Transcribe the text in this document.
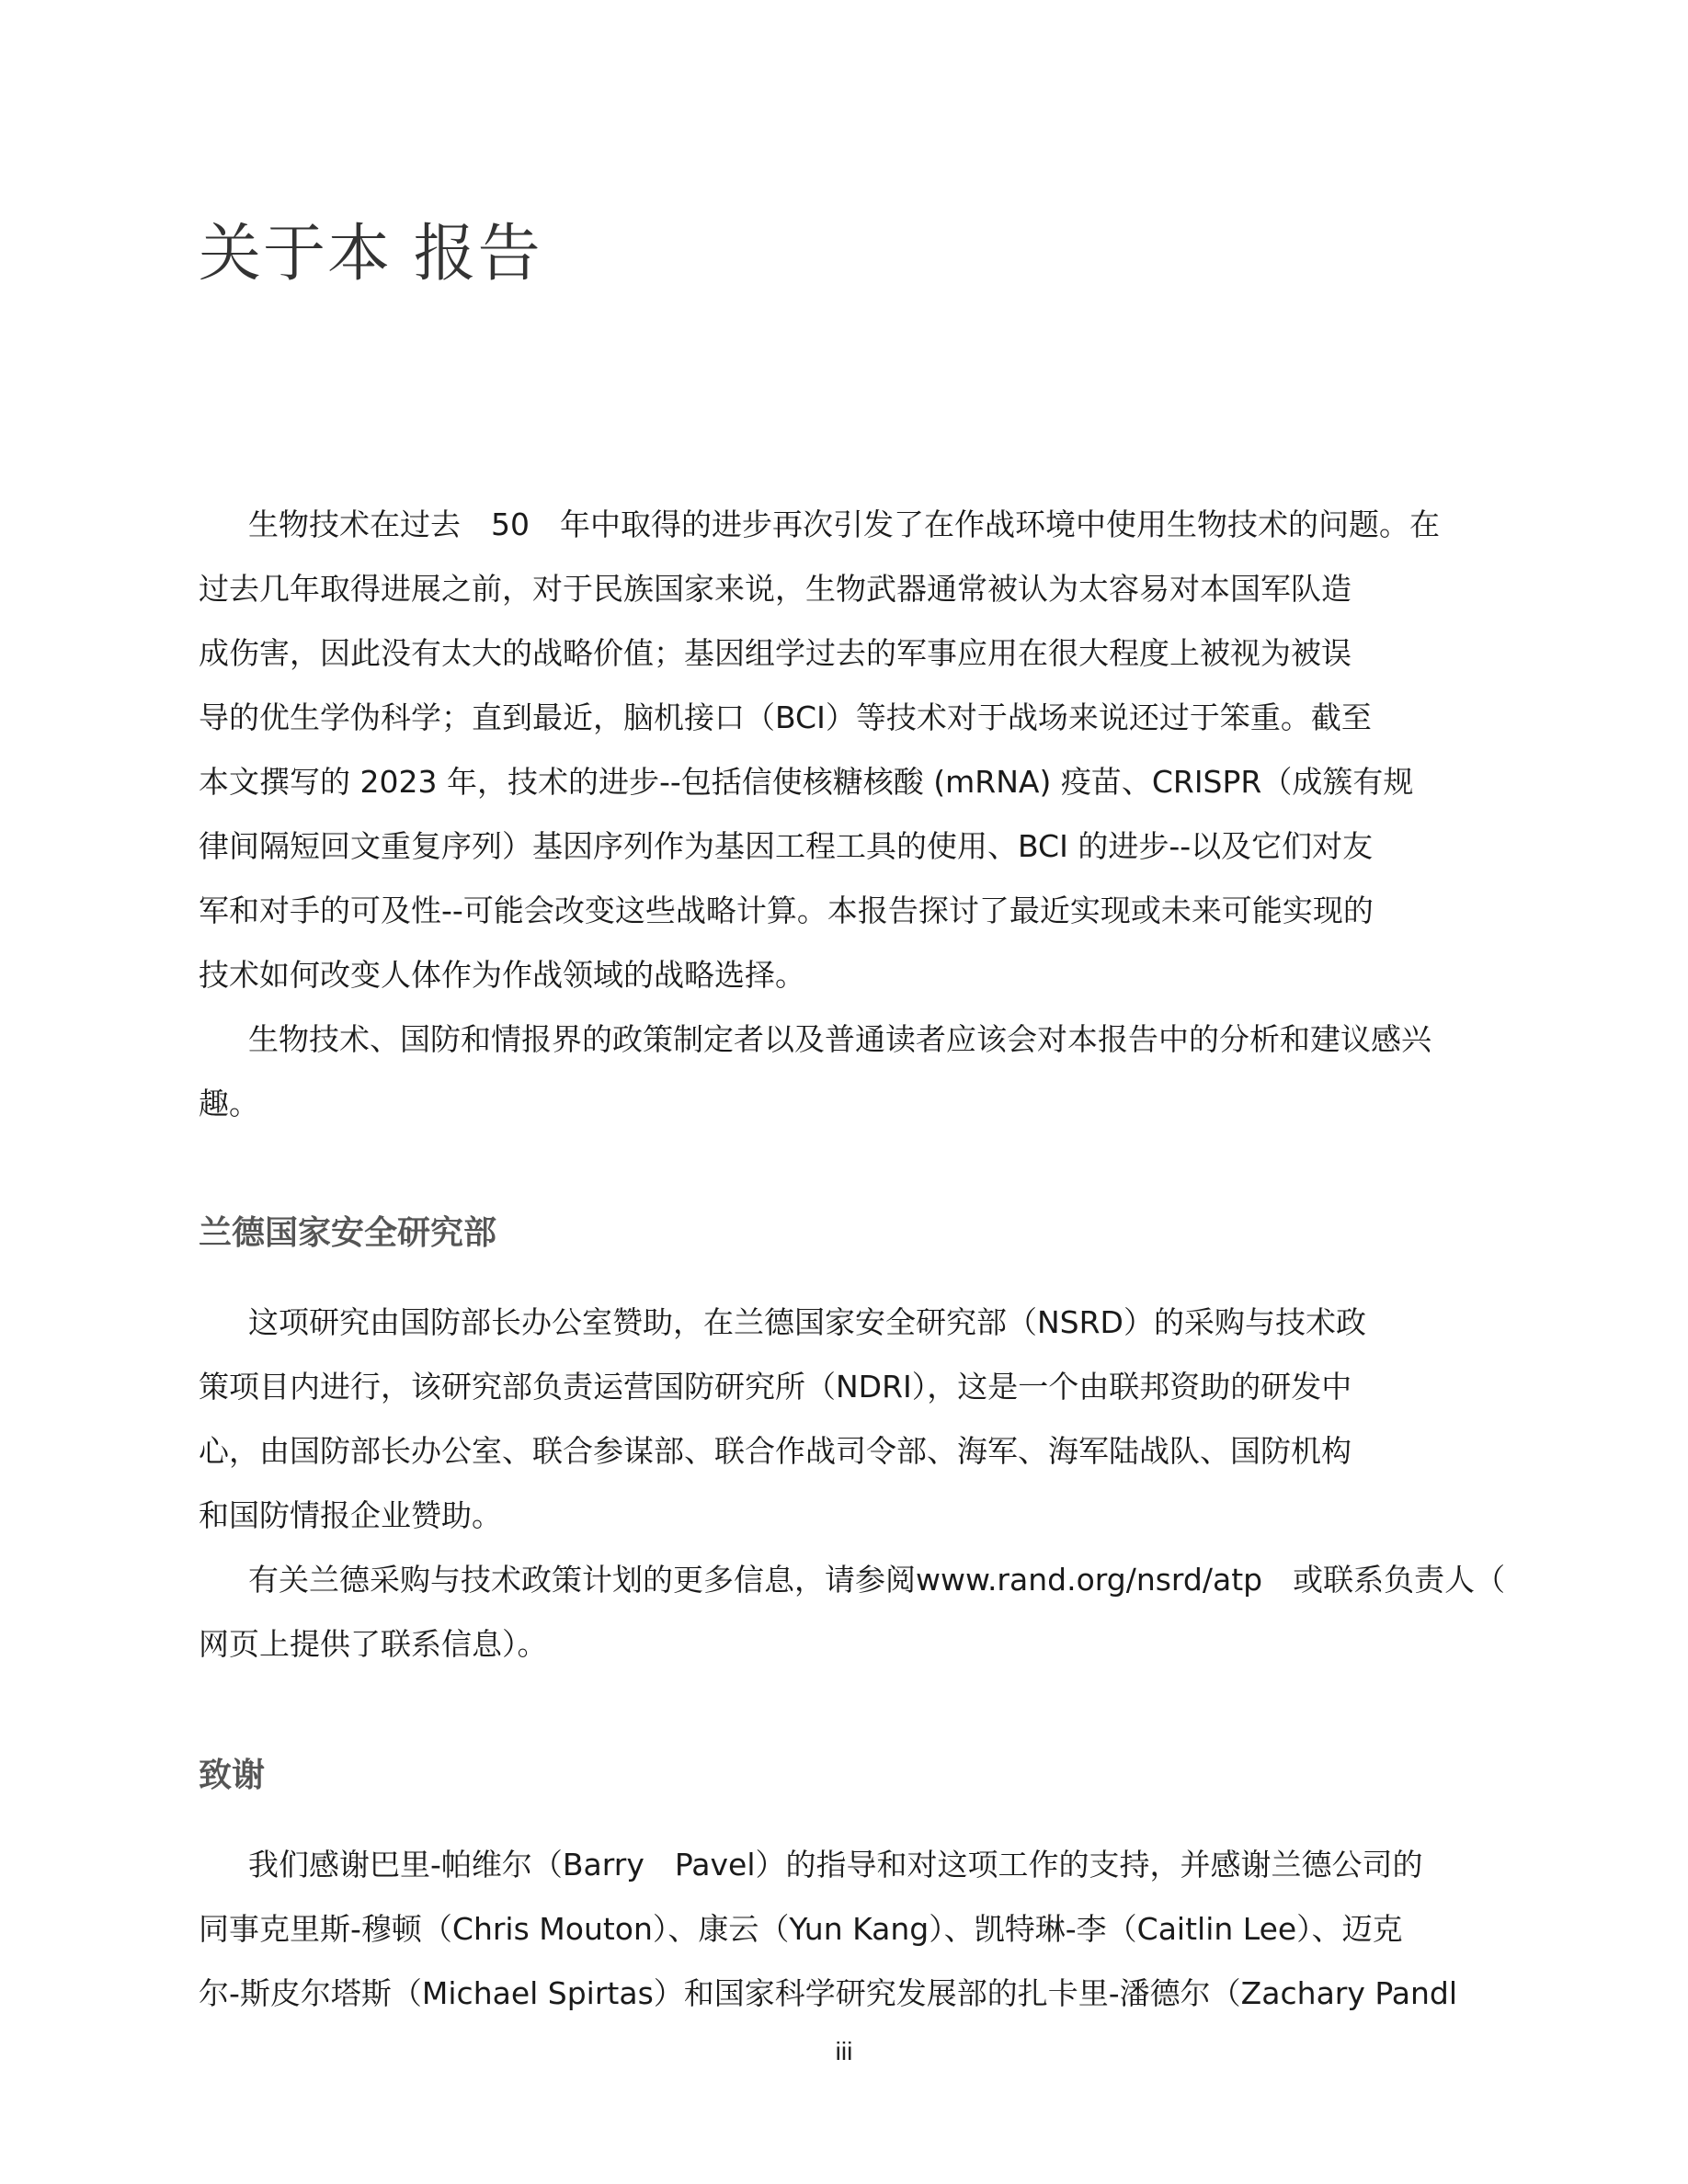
关于本 报告
生物技术在过去　50　年中取得的进步再次引发了在作战环境中使用生物技术的问题。在
过去几年取得进展之前，对于民族国家来说，生物武器通常被认为太容易对本国军队造
成伤害，因此没有太大的战略价值；基因组学过去的军事应用在很大程度上被视为被误
导的优生学伪科学；直到最近，脑机接口（BCI）等技术对于战场来说还过于笨重。截至
本文撰写的 2023 年，技术的进步--包括信使核糖核酸 (mRNA) 疫苗、CRISPR（成簇有规
律间隔短回文重复序列）基因序列作为基因工程工具的使用、BCI 的进步--以及它们对友
军和对手的可及性--可能会改变这些战略计算。本报告探讨了最近实现或未来可能实现的
技术如何改变人体作为作战领域的战略选择。
生物技术、国防和情报界的政策制定者以及普通读者应该会对本报告中的分析和建议感兴
趣。
兰德国家安全研究部
这项研究由国防部长办公室赞助，在兰德国家安全研究部（NSRD）的采购与技术政
策项目内进行，该研究部负责运营国防研究所（NDRI），这是一个由联邦资助的研发中
心，由国防部长办公室、联合参谋部、联合作战司令部、海军、海军陆战队、国防机构
和国防情报企业赞助。
有关兰德采购与技术政策计划的更多信息，请参阅www.rand.org/nsrd/atp　或联系负责人（
网页上提供了联系信息）。
致谢
我们感谢巴里-帕维尔（Barry　Pavel）的指导和对这项工作的支持，并感谢兰德公司的
同事克里斯-穆顿（Chris Mouton）、康云（Yun Kang）、凯特琳-李（Caitlin Lee）、迈克
尔-斯皮尔塔斯（Michael Spirtas）和国家科学研究发展部的扎卡里-潘德尔（Zachary Pandl
iii
